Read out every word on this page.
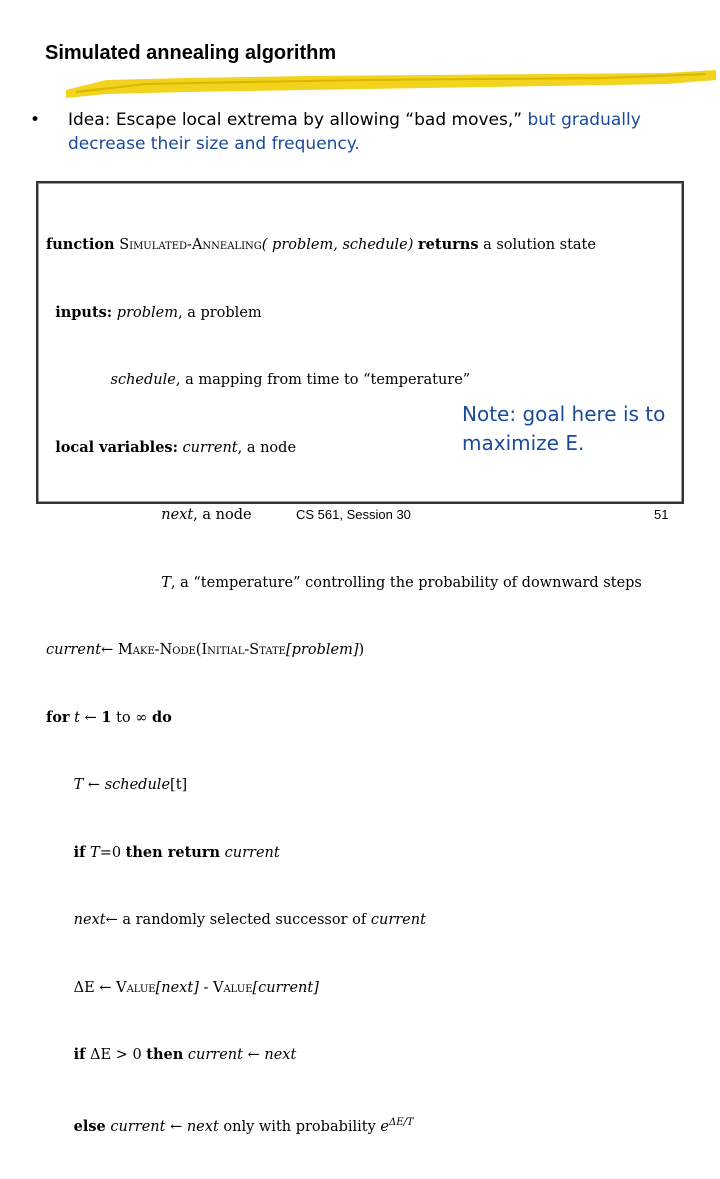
Simulated annealing algorithm
• Idea: Escape local extrema by allowing “bad moves,” but gradually decrease their size and frequency.

function Simulated-Annealing( problem, schedule) returns a solution state

inputs: problem, a problem

schedule, a mapping from time to “temperature”

local variables: current, a node

next, a node

T, a “temperature” controlling the probability of downward steps

current← Make-Node(Initial-State[problem])

for t ← 1 to ∞ do

T ← schedule[t]

if T=0 then return current

next← a randomly selected successor of current

ΔE ← Value[next] - Value[current]

if ΔE > 0 then current ← next

else current ← next only with probability $e^{\Delta E/T}$

Note: goal here is to maximize E.
CS 561, Session 30	51
